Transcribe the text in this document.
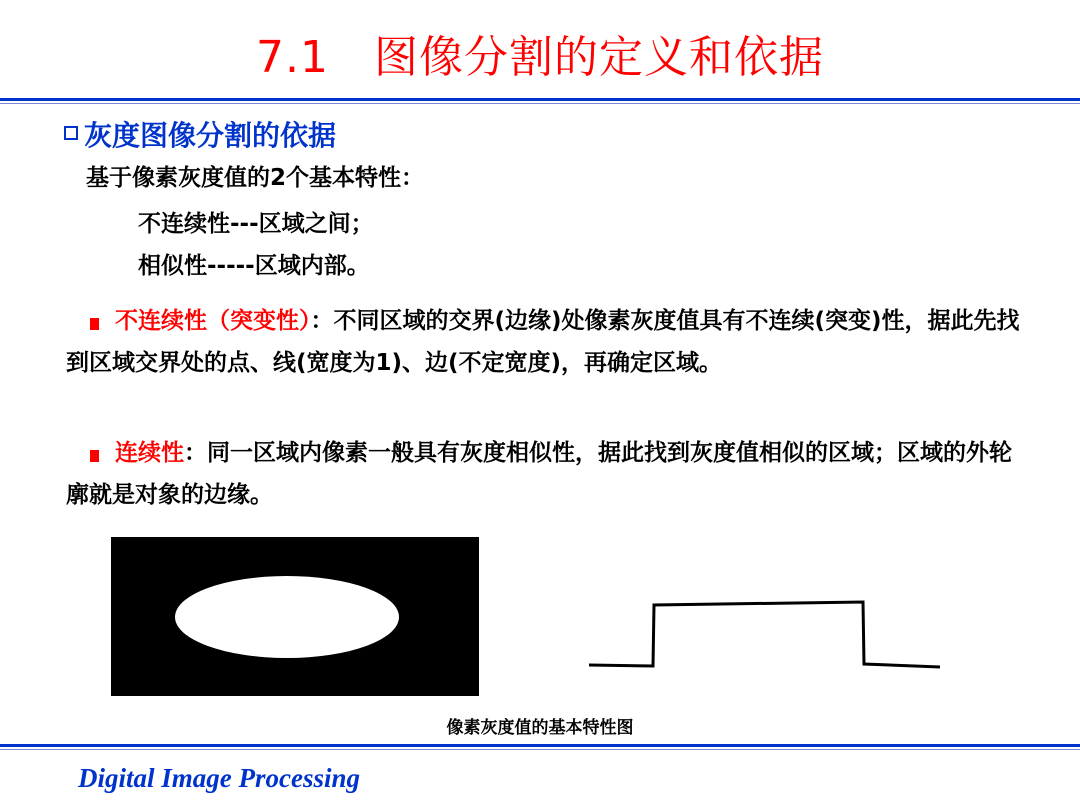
7.1　图像分割的定义和依据
灰度图像分割的依据
基于像素灰度值的2个基本特性：
不连续性---区域之间；
相似性-----区域内部。
不连续性（突变性）：不同区域的交界(边缘)处像素灰度值具有不连续(突变)性，据此先找到区域交界处的点、线(宽度为1)、边(不定宽度)，再确定区域。
连续性：同一区域内像素一般具有灰度相似性，据此找到灰度值相似的区域；区域的外轮廓就是对象的边缘。
像素灰度值的基本特性图
Digital Image Processing
